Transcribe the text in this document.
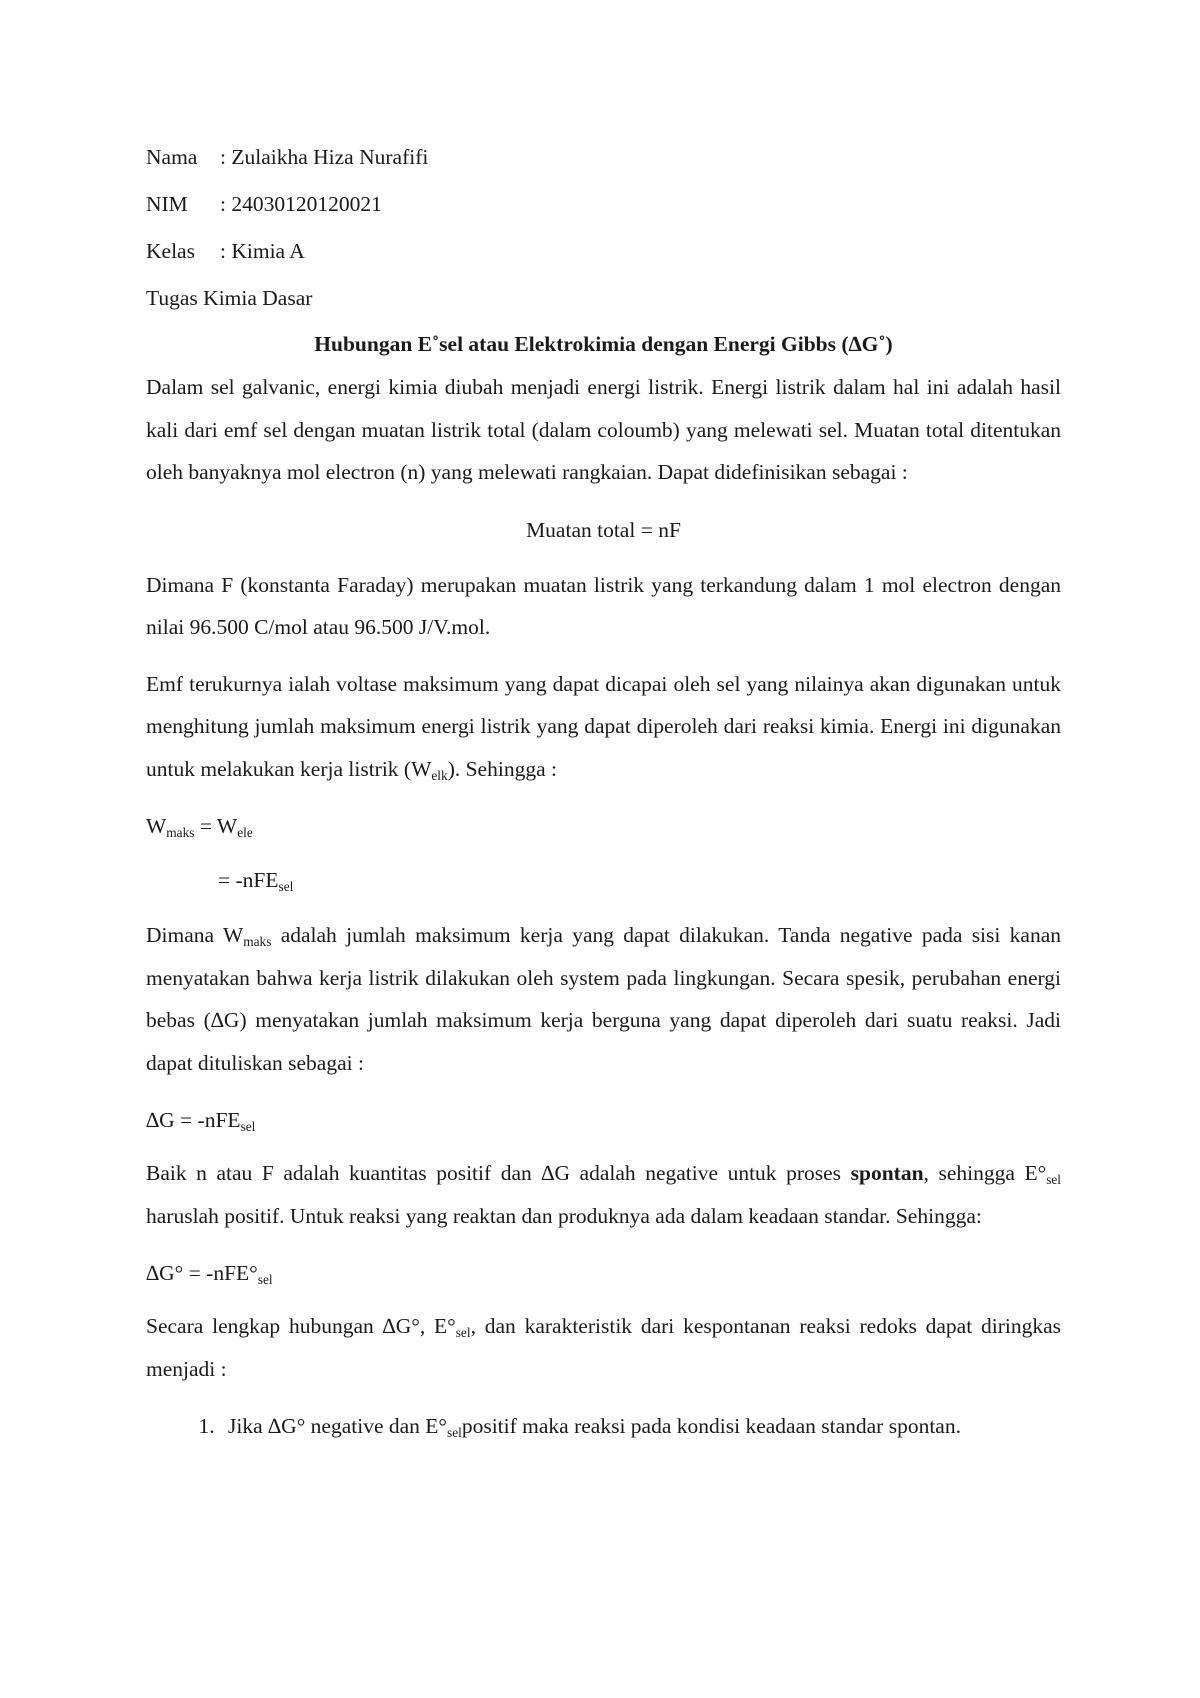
Nama : Zulaikha Hiza Nurafifi
NIM : 24030120120021
Kelas : Kimia A
Tugas Kimia Dasar
Hubungan E˚sel atau Elektrokimia dengan Energi Gibbs (∆G˚)

Dalam sel galvanic, energi kimia diubah menjadi energi listrik. Energi listrik dalam hal ini adalah hasil kali dari emf sel dengan muatan listrik total (dalam coloumb) yang melewati sel. Muatan total ditentukan oleh banyaknya mol electron (n) yang melewati rangkaian. Dapat didefinisikan sebagai :

Muatan total = nF

Dimana F (konstanta Faraday) merupakan muatan listrik yang terkandung dalam 1 mol electron dengan nilai 96.500 C/mol atau 96.500 J/V.mol.

Emf terukurnya ialah voltase maksimum yang dapat dicapai oleh sel yang nilainya akan digunakan untuk menghitung jumlah maksimum energi listrik yang dapat diperoleh dari reaksi kimia. Energi ini digunakan untuk melakukan kerja listrik $(W_{elk})$. Sehingga :

$W_{maks} = W_{ele}$
= -nFE$_{sel}$

Dimana $W_{maks}$ adalah jumlah maksimum kerja yang dapat dilakukan. Tanda negative pada sisi kanan menyatakan bahwa kerja listrik dilakukan oleh system pada lingkungan. Secara spesik, perubahan energi bebas (∆G) menyatakan jumlah maksimum kerja berguna yang dapat diperoleh dari suatu reaksi. Jadi dapat dituliskan sebagai :

∆G = -nFE$_{sel}$

Baik n atau F adalah kuantitas positif dan ∆G adalah negative untuk proses spontan, sehingga $E^\circ_{sel}$ haruslah positif. Untuk reaksi yang reaktan dan produknya ada dalam keadaan standar. Sehingga:

$\Delta G^\circ = -nFE^\circ_{sel}$

Secara lengkap hubungan ∆G°, $E^\circ_{sel}$, dan karakteristik dari kespontanan reaksi redoks dapat diringkas menjadi :

1. Jika ∆G° negative dan $E^\circ_{sel}positif$ maka reaksi pada kondisi keadaan standar spontan.
